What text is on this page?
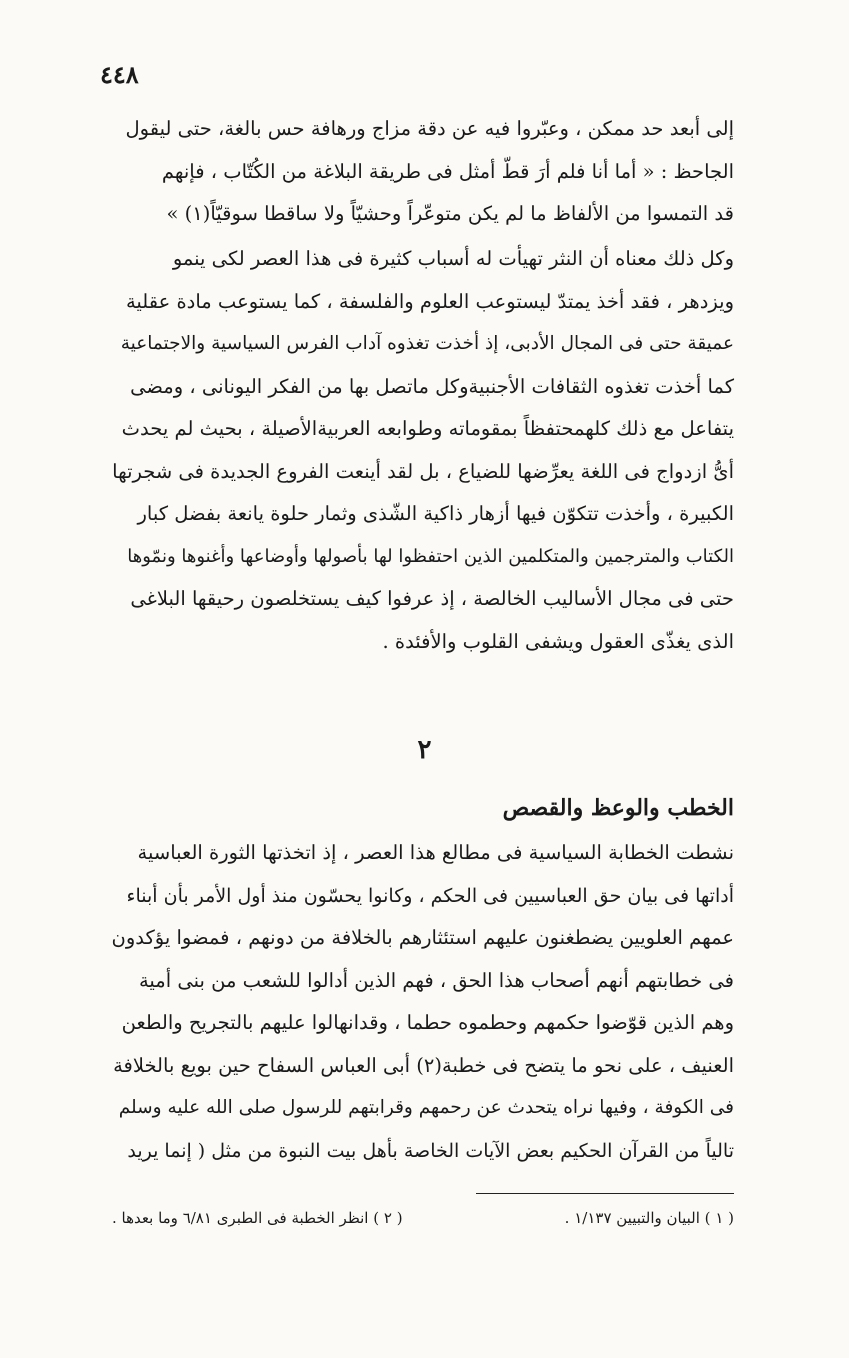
٤٤٨
إلى أبعد حد ممكن ، وعبّروا فيه عن دقة مزاج ورهافة حس بالغة، حتى ليقول
الجاحظ : « أما أنا فلم أرَ قطّ أمثل فى طريقة البلاغة من الكُتّاب ، فإنهم
قد التمسوا من الألفاظ ما لم يكن متوعّراً وحشيّاً ولا ساقطا سوقيّاً(١) »
وكل ذلك معناه أن النثر تهيأت له أسباب كثيرة فى هذا العصر لكى ينمو
ويزدهر ، فقد أخذ يمتدّ ليستوعب العلوم والفلسفة ، كما يستوعب مادة عقلية
عميقة حتى فى المجال الأدبى، إذ أخذت تغذوه آداب الفرس السياسية والاجتماعية
كما أخذت تغذوه الثقافات الأجنبيةوكل ماتصل بها من الفكر اليونانى ، ومضى
يتفاعل مع ذلك كلهمحتفظاً بمقوماته وطوابعه العربيةالأصيلة ، بحيث لم يحدث
أىُّ ازدواج فى اللغة يعرِّضها للضياع ، بل لقد أينعت الفروع الجديدة فى شجرتها
الكبيرة ، وأخذت تتكوّن فيها أزهار ذاكية الشّذى وثمار حلوة يانعة بفضل كبار
الكتاب والمترجمين والمتكلمين الذين احتفظوا لها بأصولها وأوضاعها وأغنوها ونمّوها
حتى فى مجال الأساليب الخالصة ، إذ عرفوا كيف يستخلصون رحيقها البلاغى
الذى يغذّى العقول ويشفى القلوب والأفئدة .
٢
الخطب والوعظ والقصص
نشطت الخطابة السياسية فى مطالع هذا العصر ، إذ اتخذتها الثورة العباسية
أداتها فى بيان حق العباسيين فى الحكم ، وكانوا يحسّون منذ أول الأمر بأن أبناء
عمهم العلويين يضطغنون عليهم استئثارهم بالخلافة من دونهم ، فمضوا يؤكدون
فى خطابتهم أنهم أصحاب هذا الحق ، فهم الذين أدالوا للشعب من بنى أمية
وهم الذين قوّضوا حكمهم وحطموه حطما ، وقدانهالوا عليهم بالتجريح والطعن
العنيف ، على نحو ما يتضح فى خطبة(٢) أبى العباس السفاح حين بويع بالخلافة
فى الكوفة ، وفيها نراه يتحدث عن رحمهم وقرابتهم للرسول صلى الله عليه وسلم
تالياً من القرآن الحكيم بعض الآيات الخاصة بأهل بيت النبوة من مثل ( إنما يريد
( ١ ) البيان والتبيين ١/١٣٧ .
( ٢ ) انظر الخطبة فى الطبرى ٦/٨١ وما بعدها .
